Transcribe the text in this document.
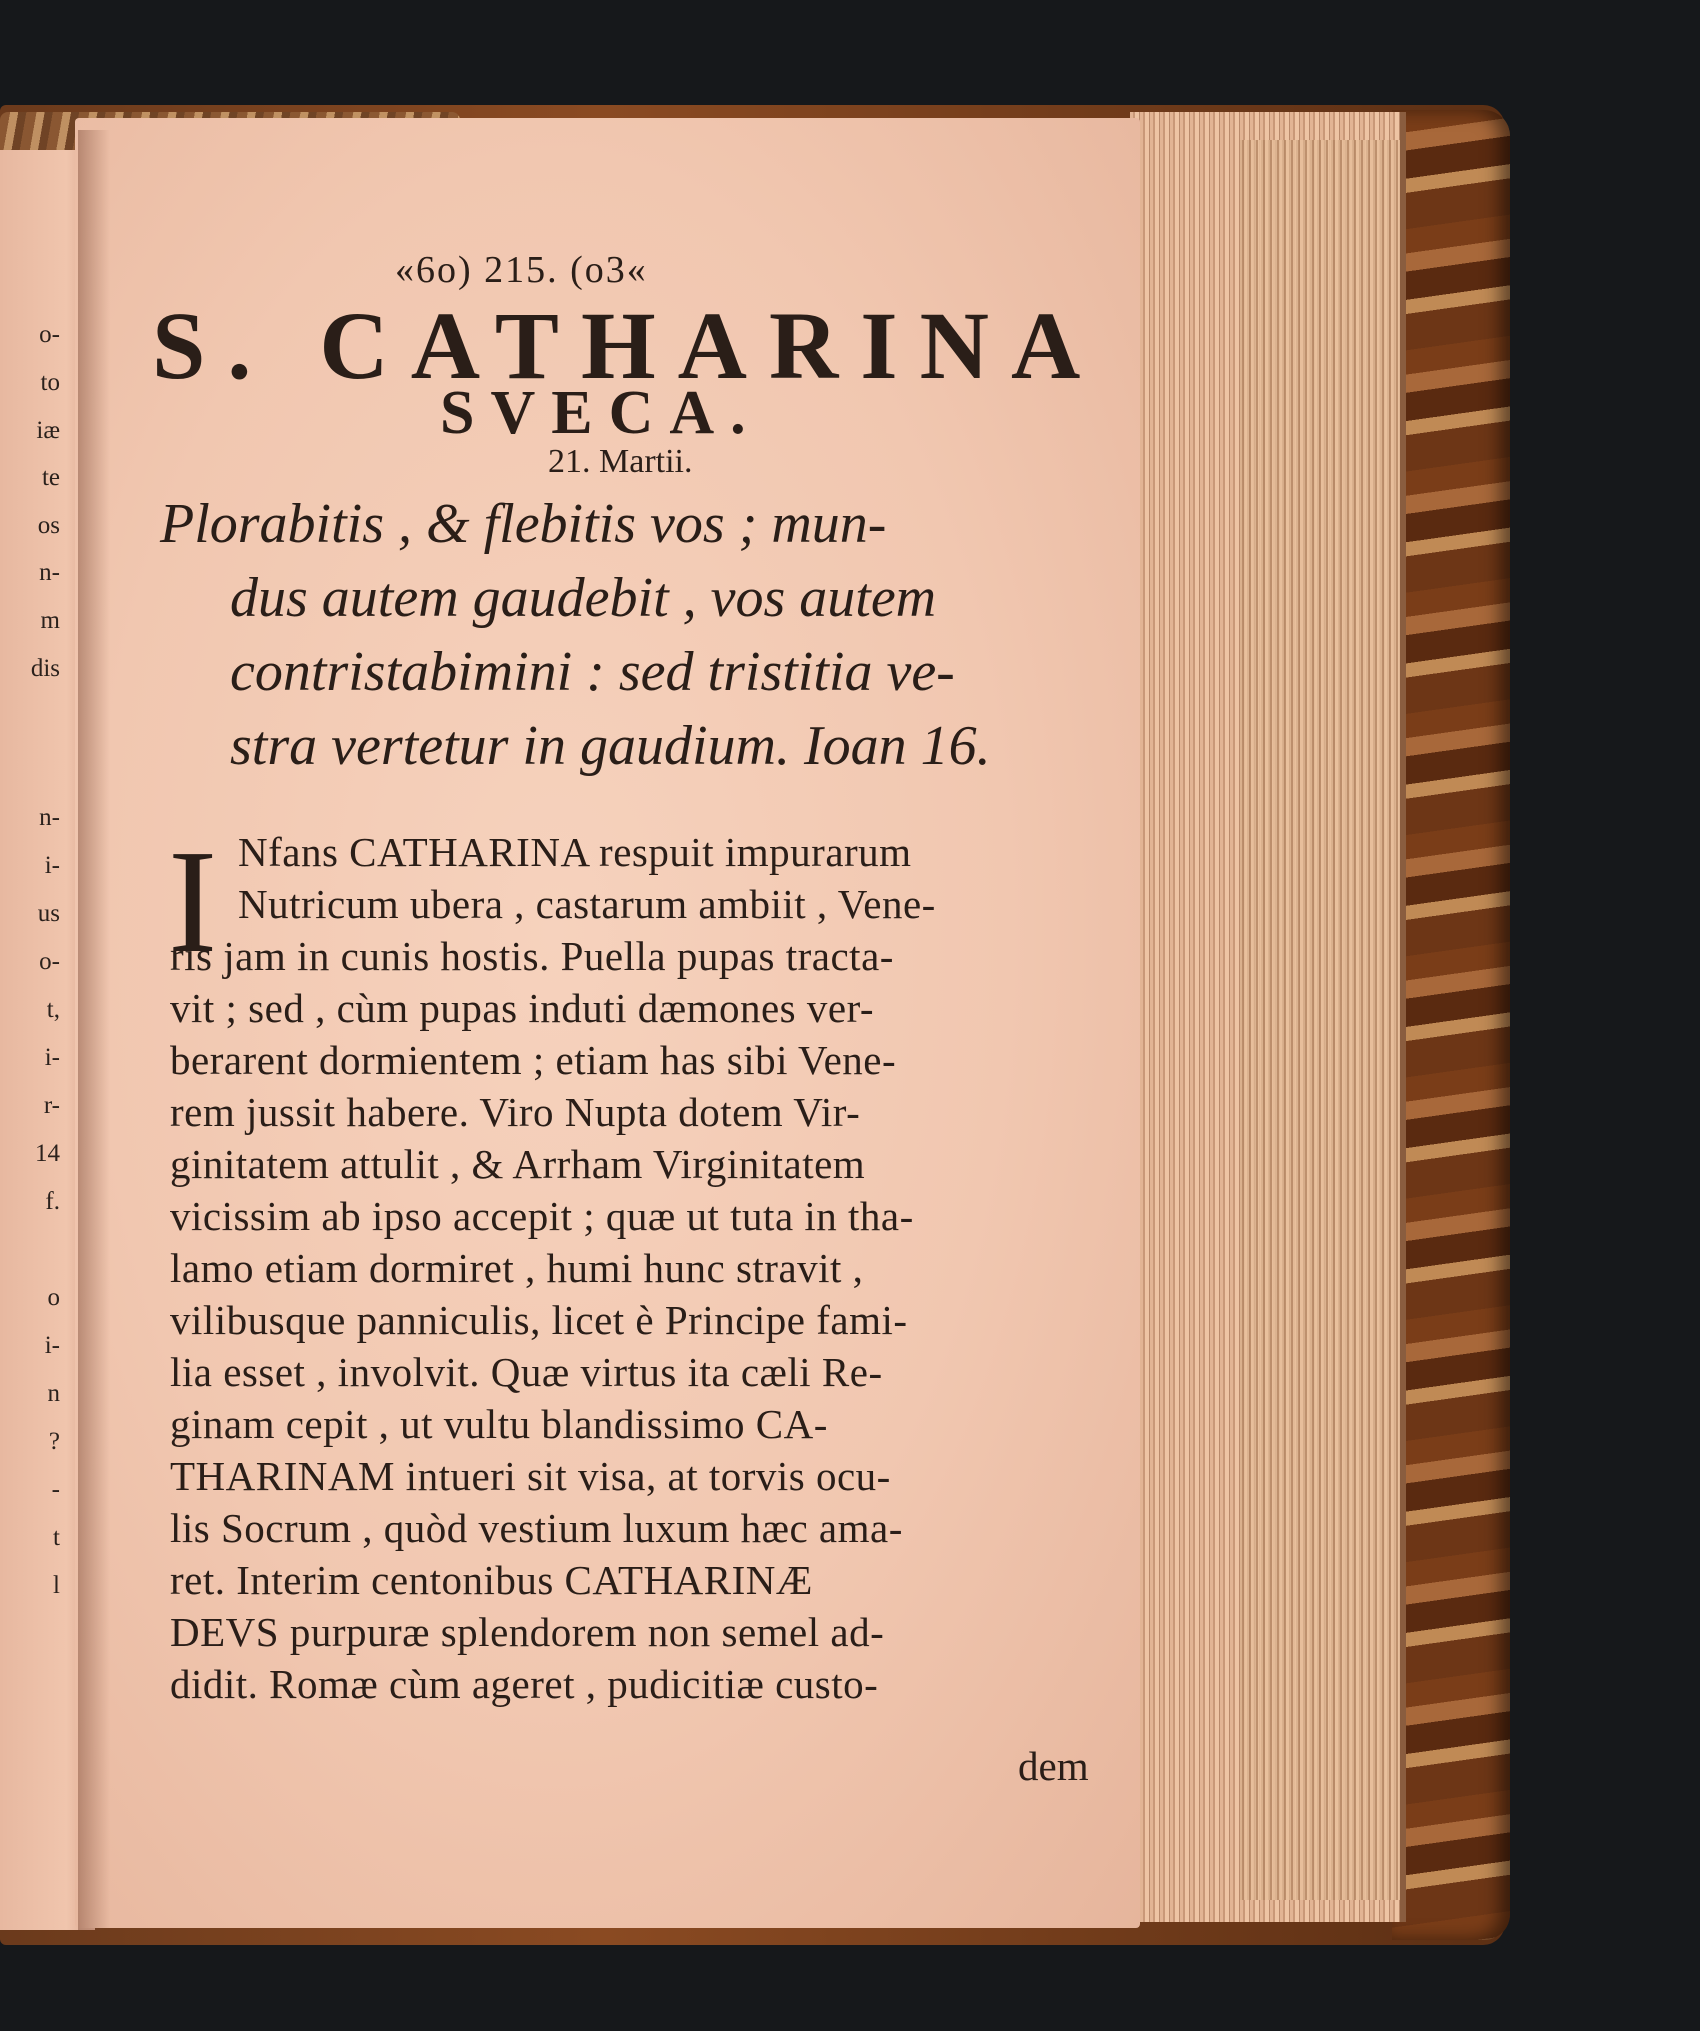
o-
to
iæ
te
os
n-
m
dis
n-
i-
us
o-
t,
i-
r-
14
f.
o
i-
n
?
-
t
l
«6o) 215. (o3«
S. CATHARINA
SVECA.
21. Martii.
Plorabitis , & flebitis vos ; mun-
dus autem gaudebit , vos autem
contristabimini : sed tristitia ve-
stra vertetur in gaudium. Ioan 16.
I Nfans CATHARINA respuit impurarum
Nutricum ubera , castarum ambiit , Vene-
ris jam in cunis hostis. Puella pupas tracta-
vit ; sed , cùm pupas induti dæmones ver-
berarent dormientem ; etiam has sibi Vene-
rem jussit habere. Viro Nupta dotem Vir-
ginitatem attulit , & Arrham Virginitatem
vicissim ab ipso accepit ; quæ ut tuta in tha-
lamo etiam dormiret , humi hunc stravit ,
vilibusque panniculis, licet è Principe fami-
lia esset , involvit. Quæ virtus ita cæli Re-
ginam cepit , ut vultu blandissimo CA-
THARINAM intueri sit visa, at torvis ocu-
lis Socrum , quòd vestium luxum hæc ama-
ret. Interim centonibus CATHARINÆ
DEVS purpuræ splendorem non semel ad-
didit. Romæ cùm ageret , pudicitiæ custo-
dem
